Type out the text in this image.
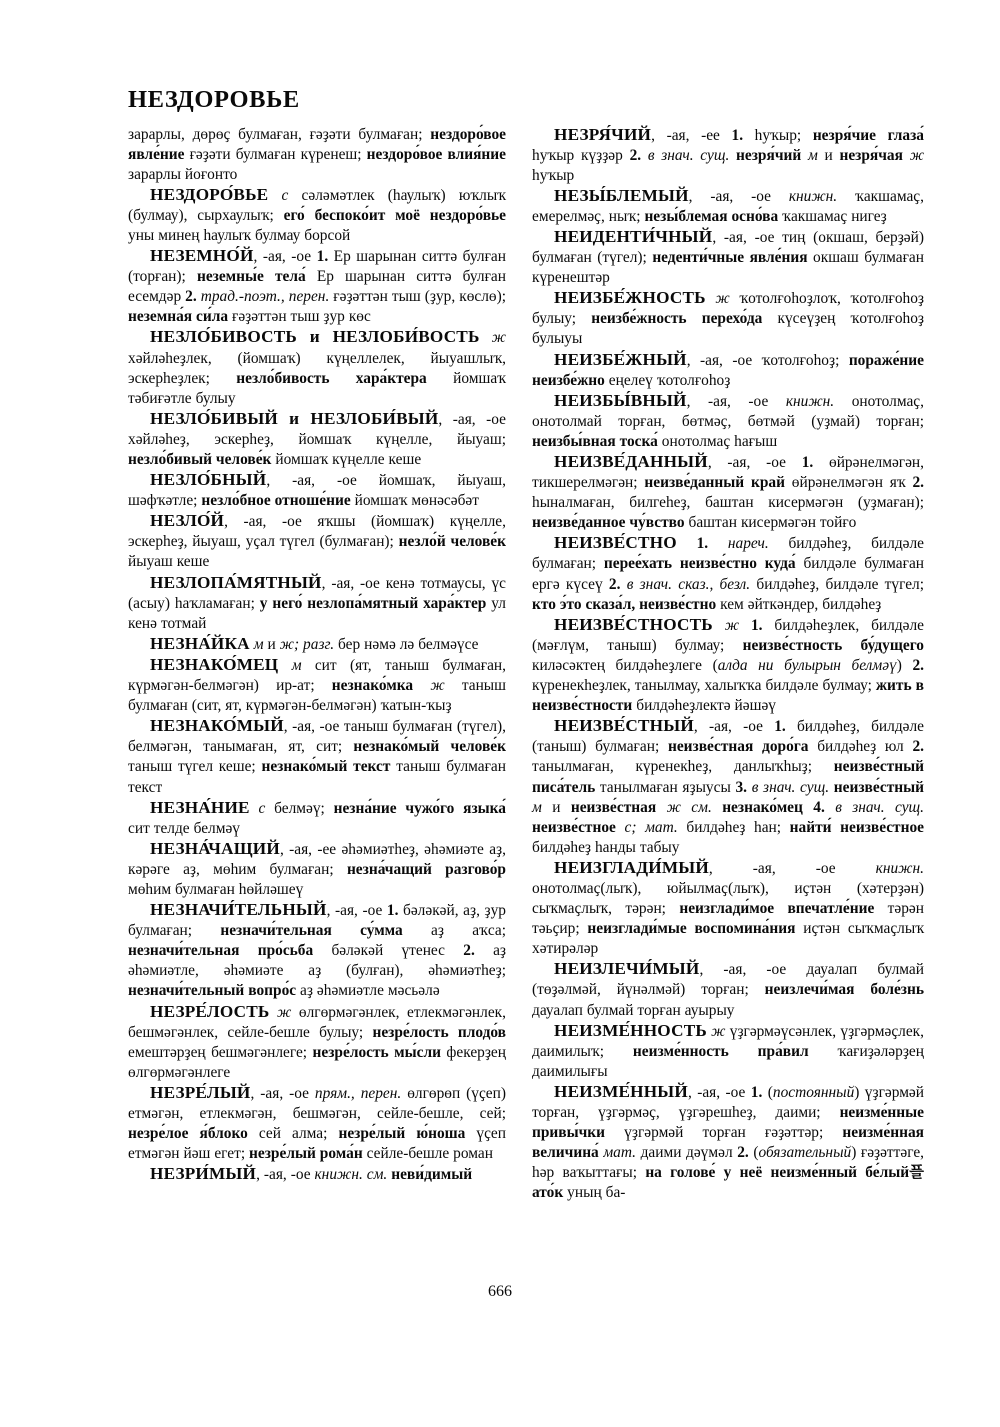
НЕЗДОРОВЬЕ

зарарлы, дөрөҫ булмаған, ғәҙәти булмаған; нездоро́вое явле́ние ғәҙәти булмаған күренеш; нездоро́вое влия́ние зарарлы йоғонто

НЕЗДОРО́ВЬЕ с сәләмәтлек (һаулыҡ) юҡлыҡ (булмау), сырхаулыҡ; его́ беспоко́ит моё нездоро́вье уны минең һаулыҡ булмау борсой

НЕЗЕМНО́Й, -ая, -ое 1. Ер шарынан ситтә булған (торған); неземны́е тела́ Ер шарынан ситтә булған есемдәр 2. трад.-поэт., перен. ғәҙәттән тыш (ҙур, көслө); неземна́я си́ла ғәҙәттән тыш ҙур көс

НЕЗЛО́БИВОСТЬ и НЕЗЛОБИ́ВОСТЬ ж хәйләһеҙлек, (йомшаҡ) күңеллелек, йыуашлыҡ, эскерһеҙлек; незло́бивость хара́ктера йомшаҡ тәбиғәтле булыу

НЕЗЛО́БИВЫЙ и НЕЗЛОБИ́ВЫЙ, -ая, -ое хәйләһеҙ, эскерһеҙ, йомшаҡ күңелле, йыуаш; незло́бивый челове́к йомшаҡ күңелле кеше

НЕЗЛО́БНЫЙ, -ая, -ое йомшаҡ, йыуаш, шәфҡәтле; незло́бное отноше́ние йомшаҡ мөнәсәбәт

НЕЗЛО́Й, -ая, -ое яҡшы (йомшаҡ) күңелле, эскерһеҙ, йыуаш, уҫал түгел (булмаған); незло́й челове́к йыуаш кеше

НЕЗЛОПА́МЯТНЫЙ, -ая, -ое кенә тотмаусы, үс (асыу) һаҡламаған; у него́ незлопа́мятный хара́ктер ул кенә тотмай

НЕЗНА́ЙКА м и ж; разг. бер нәмә лә белмәүсе

НЕЗНАКО́МЕЦ м сит (ят, таныш булмаған, күрмәгән-белмәгән) ир-ат; незнако́мка ж таныш булмаған (сит, ят, күрмәгән-белмәгән) ҡатын-ҡыҙ

НЕЗНАКО́МЫЙ, -ая, -ое таныш булмаған (түгел), белмәгән, танымаған, ят, сит; незнако́мый челове́к таныш түгел кеше; незнако́мый текст таныш булмаған текст

НЕЗНА́НИЕ с белмәү; незна́ние чужо́го языка́ сит телде белмәү

НЕЗНА́ЧАЩИЙ, -ая, -ее әһәмиәтһеҙ, әһәмиәте аҙ, кәрәге аҙ, мөһим булмаған; незна́чащий разгово́р мөһим булмаған һөйләшеү

НЕЗНАЧИ́ТЕЛЬНЫЙ, -ая, -ое 1. бәләкәй, аҙ, ҙур булмаған; незначи́тельная су́мма аҙ аҡса; незначи́тельная про́сьба бәләкәй үтенес 2. аҙ әһәмиәтле, әһәмиәте аҙ (булған), әһәмиәтһеҙ; незначи́тельный вопро́с аҙ әһәмиәтле мәсьәлә

НЕЗРЕ́ЛОСТЬ ж өлгөрмәгәнлек, етлекмәгәнлек, бешмәгәнлек, сейле-бешле булыу; незре́лость плодо́в емештәрҙең бешмәгәнлеге; незре́лость мы́сли фекерҙең өлгөрмәгәнлеге

НЕЗРЕ́ЛЫЙ, -ая, -ое прям., перен. өлгөрөп (үҫеп) етмәгән, етлекмәгән, бешмәгән, сейле-бешле, сей; незре́лое я́блоко сей алма; незре́лый ю́ноша үҫеп етмәгән йәш егет; незре́лый рома́н сейле-бешле роман

НЕЗРИ́МЫЙ, -ая, -ое книжн. см. неви́димый

НЕЗРЯ́ЧИЙ, -ая, -ее 1. һуҡыр; незря́чие глаза́ һуҡыр күҙҙәр 2. в знач. сущ. незря́чий м и незря́чая ж һуҡыр

НЕЗЫ́БЛЕМЫЙ, -ая, -ое книжн. ҡакшамаҫ, емерелмәҫ, ныҡ; незы́блемая осно́ва ҡакшамаҫ нигеҙ

НЕИДЕНТИ́ЧНЫЙ, -ая, -ое тиң (окшаш, берҙәй) булмаған (түгел); неденти́чные явле́ния окшаш булмаған күренештәр

НЕИЗБЕ́ЖНОСТЬ ж ҡотолғоһоҙлоҡ, ҡотолғоһоҙ булыу; неизбе́жность перехо́да күсеүҙең ҡотолғоһоҙ булыуы

НЕИЗБЕ́ЖНЫЙ, -ая, -ое ҡотолғоһоҙ; пораже́ние неизбе́жно еңелеү ҡотолғоһоҙ

НЕИЗБЫ́ВНЫЙ, -ая, -ое книжн. онотолмаҫ, онотолмай торған, бөтмәҫ, бөтмәй (уҙмай) торған; неизбы́вная тоска́ онотолмаҫ һағыш

НЕИЗВЕ́ДАННЫЙ, -ая, -ое 1. өйрәнелмәгән, тикшерелмәгән; неизве́данный край өйрәнелмәгән яҡ 2. һыналмаған, билгеһеҙ, баштан кисермәгән (уҙмаған); неизве́данное чу́вство баштан кисермәгән тойғо

НЕИЗВЕ́СТНО 1. нареч. билдәһеҙ, билдәле булмаған; перее́хать неизве́стно куда́ билдәле булмаған ергә күсеү 2. в знач. сказ., безл. билдәһеҙ, билдәле түгел; кто э́то сказа́л, неизве́стно кем әйткәндер, билдәһеҙ

НЕИЗВЕ́СТНОСТЬ ж 1. билдәһеҙлек, билдәле (мәғлүм, таныш) булмау; неизве́стность бу́дущего киләсәктең билдәһеҙлеге (алда ни булырын белмәү) 2. күренекһеҙлек, танылмау, халыҡҡа билдәле булмау; жить в неизве́стности билдәһеҙлектә йәшәү

НЕИЗВЕ́СТНЫЙ, -ая, -ое 1. билдәһеҙ, билдәле (таныш) булмаған; неизве́стная доро́га билдәһеҙ юл 2. танылмаған, күренекһеҙ, данлыҡһыҙ; неизве́стный писа́тель танылмаған яҙыусы 3. в знач. сущ. неизве́стный м и неизве́стная ж см. незнако́мец 4. в знач. сущ. неизве́стное с; мат. билдәһеҙ һан; найти́ неизве́стное билдәһеҙ һанды табыу

НЕИЗГЛАДИ́МЫЙ, -ая, -ое книжн. онотолмаҫ(лыҡ), юйылмаҫ(лыҡ), иҫтән (хәтерҙән) сыҡмаҫлыҡ, тәрән; неизглади́мое впечатле́ние тәрән тәьҫир; неизглади́мые воспомина́ния иҫтән сыҡмаҫлыҡ хәтирәләр

НЕИЗЛЕЧИ́МЫЙ, -ая, -ое дауалап булмай (төҙәлмәй, йүнәлмәй) торған; неизлечи́мая боле́знь дауалап булмай торған ауырыу

НЕИЗМЕ́ННОСТЬ ж үҙгәрмәүсәнлек, үҙгәрмәҫлек, даимилыҡ; неизме́нность пра́вил ҡағиҙәләрҙең даимилығы

НЕИЗМЕ́ННЫЙ, -ая, -ое 1. (постоянный) үҙгәрмәй торған, үҙгәрмәҫ, үҙгәрешһеҙ, даими; неизме́нные привы́чки үҙгәрмәй торған ғәҙәттәр; неизме́нная величина́ мат. даими дәүмәл 2. (обязательный) ғәҙәттәге, һәр ваҡыттағы; на голове́ у неё неизме́нный бе́лый플ато́к уның ба-

666
